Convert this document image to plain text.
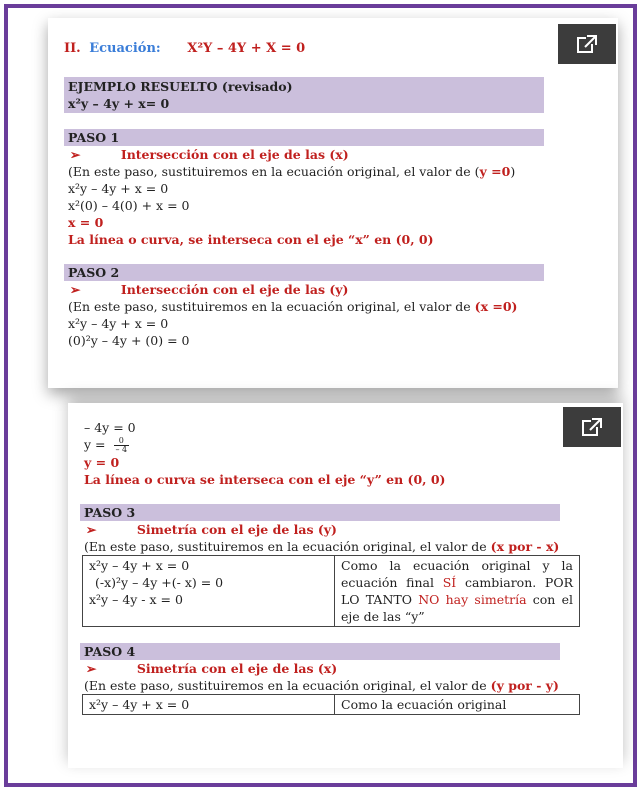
II. Ecuación: X²Y – 4Y + X = 0
EJEMPLO RESUELTO (revisado)
x²y – 4y + x= 0
PASO 1
➢	Intersección con el eje de las (x)
(En este paso, sustituiremos en la ecuación original, el valor de (y =0)
x²y – 4y + x = 0
x²(0) – 4(0) + x = 0
x = 0
La línea o curva, se interseca con el eje “x” en (0, 0)
PASO 2
➢	Intersección con el eje de las (y)
(En este paso, sustituiremos en la ecuación original, el valor de (x =0)
x²y – 4y + x = 0
(0)²y – 4y + (0) = 0
– 4y = 0
$y = \frac{0}{- 4}$
y = 0
La línea o curva se interseca con el eje “y” en (0, 0)
PASO 3
➢	Simetría con el eje de las (y)
(En este paso, sustituiremos en la ecuación original, el valor de (x por - x)
x²y – 4y + x = 0
(-x)²y – 4y +(- x) = 0
x²y – 4y - x = 0
	Como la ecuación original y la ecuación final SÍ cambiaron. POR LO TANTO NO hay simetría con el eje de las “y”
PASO 4
➢	Simetría con el eje de las (x)
(En este paso, sustituiremos en la ecuación original, el valor de (y por - y)
x²y – 4y + x = 0	Como la ecuación original
